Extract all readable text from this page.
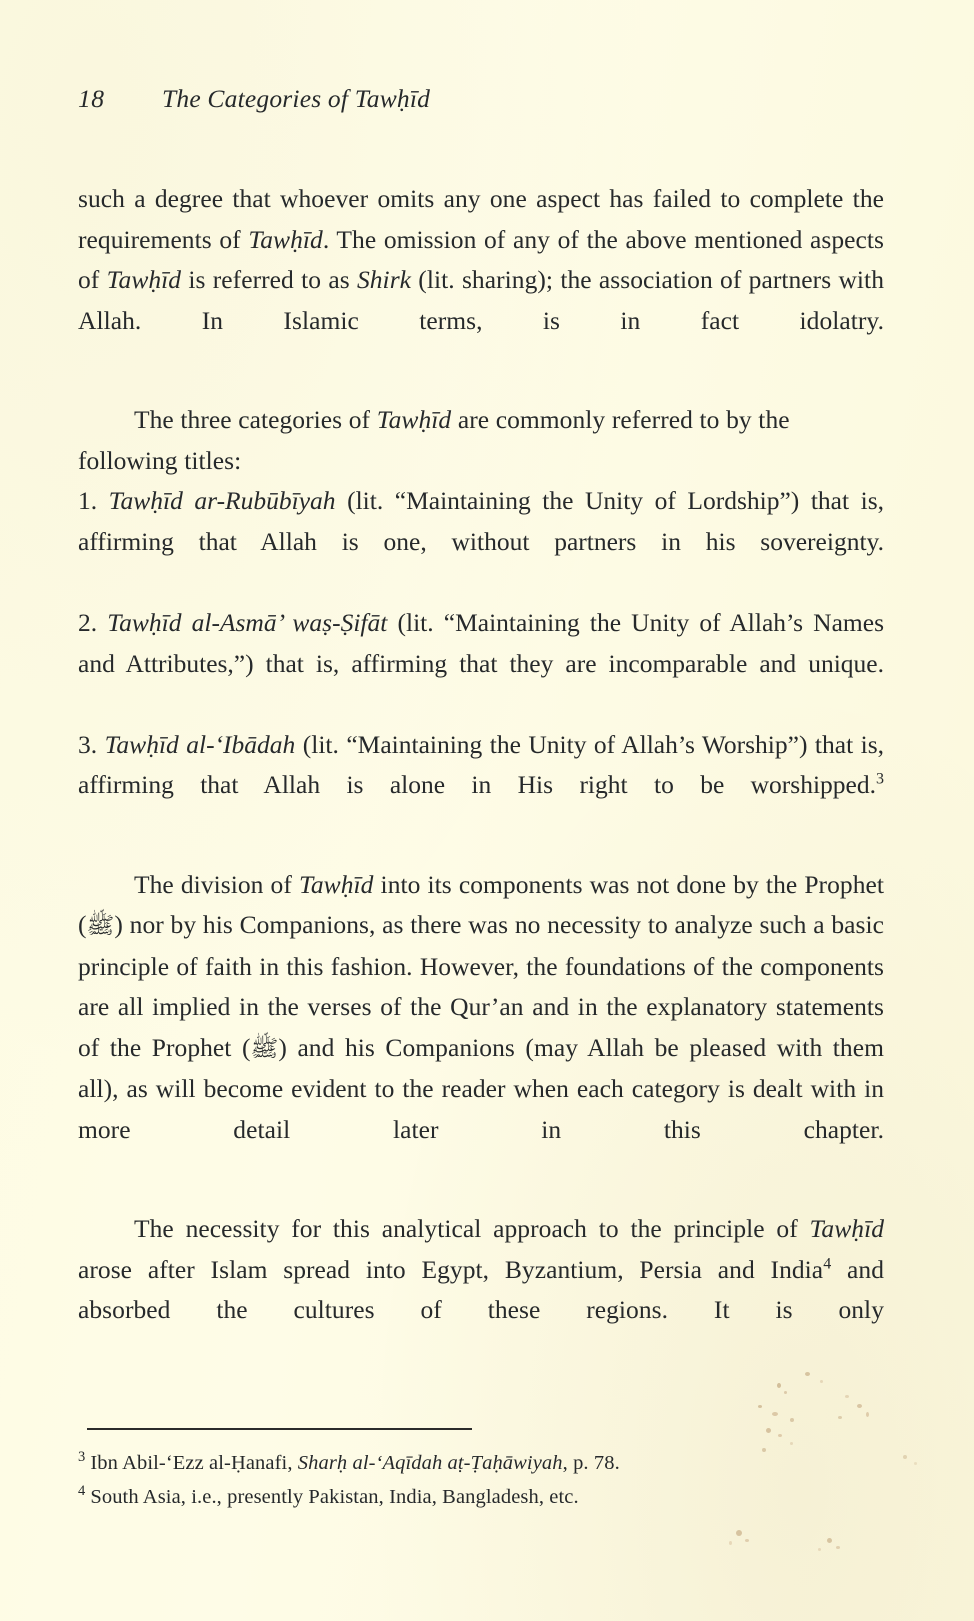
18	The Categories of Tawḥīd

such a degree that whoever omits any one aspect has failed to complete the requirements of Tawḥīd. The omission of any of the above mentioned aspects of Tawḥīd is referred to as Shirk (lit. sharing); the association of partners with Allah. In Islamic terms, is in fact idolatry.

The three categories of Tawḥīd are commonly referred to by the following titles:

1. Tawḥīd ar-Rubūbīyah (lit. “Maintaining the Unity of Lordship”) that is, affirming that Allah is one, without partners in his sovereignty.

2. Tawḥīd al-Asmā’ waṣ-Ṣifāt (lit. “Maintaining the Unity of Allah’s Names and Attributes,”) that is, affirming that they are incomparable and unique.

3. Tawḥīd al-‘Ibādah (lit. “Maintaining the Unity of Allah’s Worship”) that is, affirming that Allah is alone in His right to be worshipped.$^3$

The division of Tawḥīd into its components was not done by the Prophet (ﷺ) nor by his Companions, as there was no necessity to analyze such a basic principle of faith in this fashion. However, the foundations of the components are all implied in the verses of the Qur’an and in the explanatory statements of the Prophet (ﷺ) and his Companions (may Allah be pleased with them all), as will become evident to the reader when each category is dealt with in more detail later in this chapter.

The necessity for this analytical approach to the principle of Tawḥīd arose after Islam spread into Egypt, Byzantium, Persia and India$^4$ and absorbed the cultures of these regions. It is only

$^3$ Ibn Abil-‘Ezz al-Ḥanafi, Sharḥ al-‘Aqīdah aṭ-Ṭaḥāwiyah, p. 78.

$^4$ South Asia, i.e., presently Pakistan, India, Bangladesh, etc.
